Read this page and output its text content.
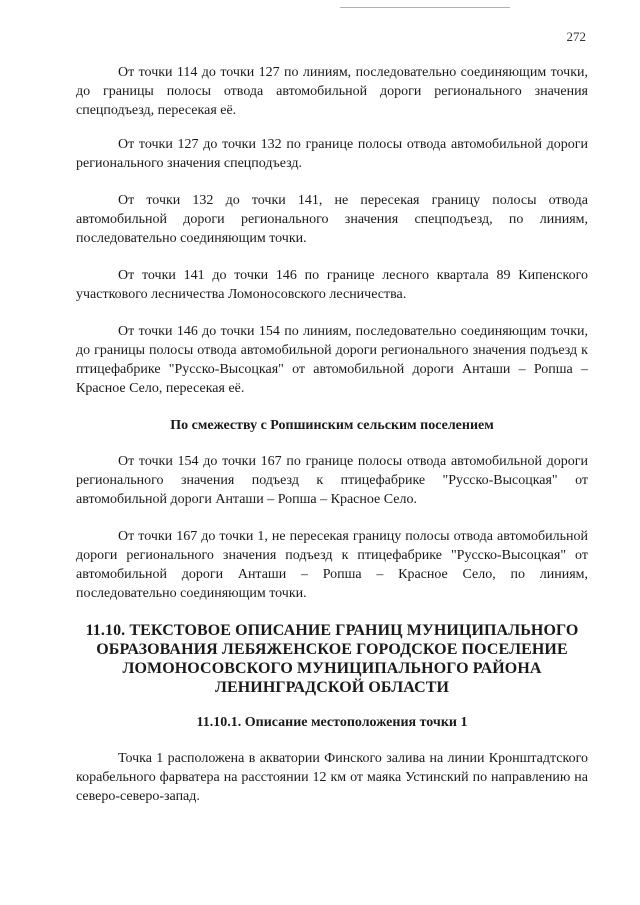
272

От точки 114 до точки 127 по линиям, последовательно соединяющим точки, до границы полосы отвода автомобильной дороги регионального значения спецподъезд, пересекая её.

От точки 127 до точки 132 по границе полосы отвода автомобильной дороги регионального значения спецподъезд.

От точки 132 до точки 141, не пересекая границу полосы отвода автомобильной дороги регионального значения спецподъезд, по линиям, последовательно соединяющим точки.

От точки 141 до точки 146 по границе лесного квартала 89 Кипенского участкового лесничества Ломоносовского лесничества.

От точки 146 до точки 154 по линиям, последовательно соединяющим точки, до границы полосы отвода автомобильной дороги регионального значения подъезд к птицефабрике "Русско-Высоцкая" от автомобильной дороги Анташи – Ропша – Красное Село, пересекая её.

По смежеству с Ропшинским сельским поселением

От точки 154 до точки 167 по границе полосы отвода автомобильной дороги регионального значения подъезд к птицефабрике "Русско-Высоцкая" от автомобильной дороги Анташи – Ропша – Красное Село.

От точки 167 до точки 1, не пересекая границу полосы отвода автомобильной дороги регионального значения подъезд к птицефабрике "Русско-Высоцкая" от автомобильной дороги Анташи – Ропша – Красное Село, по линиям, последовательно соединяющим точки.

11.10. ТЕКСТОВОЕ ОПИСАНИЕ ГРАНИЦ МУНИЦИПАЛЬНОГО
ОБРАЗОВАНИЯ ЛЕБЯЖЕНСКОЕ ГОРОДСКОЕ ПОСЕЛЕНИЕ
ЛОМОНОСОВСКОГО МУНИЦИПАЛЬНОГО РАЙОНА
ЛЕНИНГРАДСКОЙ ОБЛАСТИ
11.10.1. Описание местоположения точки 1

Точка 1 расположена в акватории Финского залива на линии Кронштадтского корабельного фарватера на расстоянии 12 км от маяка Устинский по направлению на северо-северо-запад.
